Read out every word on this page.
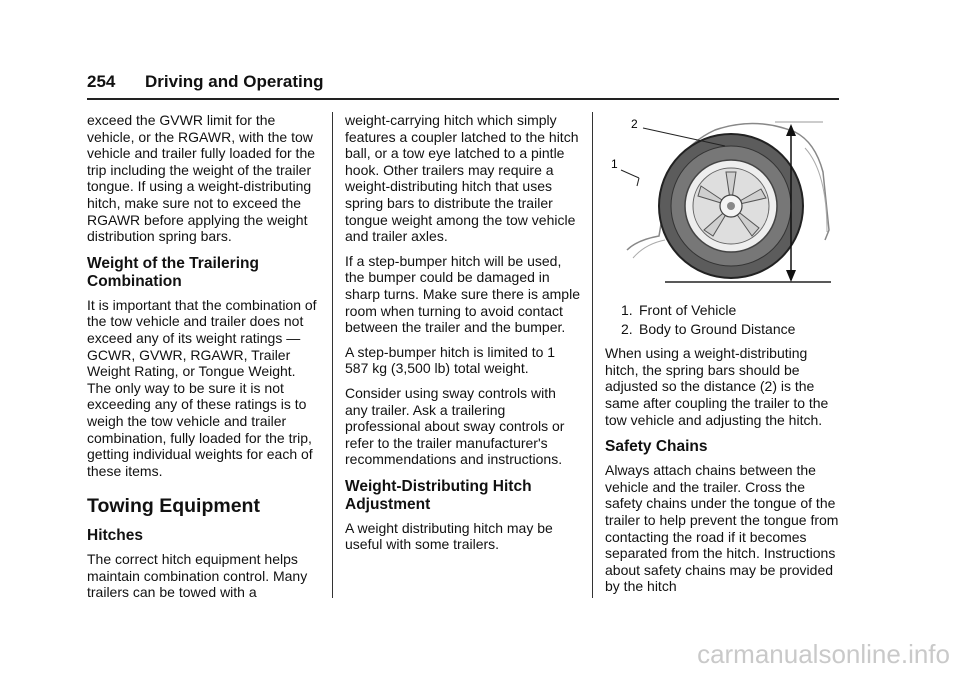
254 Driving and Operating

exceed the GVWR limit for the vehicle, or the RGAWR, with the tow vehicle and trailer fully loaded for the trip including the weight of the trailer tongue. If using a weight-distributing hitch, make sure not to exceed the RGAWR before applying the weight distribution spring bars.

Weight of the Trailering Combination

It is important that the combination of the tow vehicle and trailer does not exceed any of its weight ratings — GCWR, GVWR, RGAWR, Trailer Weight Rating, or Tongue Weight. The only way to be sure it is not exceeding any of these ratings is to weigh the tow vehicle and trailer combination, fully loaded for the trip, getting individual weights for each of these items.

Towing Equipment
Hitches

The correct hitch equipment helps maintain combination control. Many trailers can be towed with a

weight-carrying hitch which simply features a coupler latched to the hitch ball, or a tow eye latched to a pintle hook. Other trailers may require a weight-distributing hitch that uses spring bars to distribute the trailer tongue weight among the tow vehicle and trailer axles.

If a step-bumper hitch will be used, the bumper could be damaged in sharp turns. Make sure there is ample room when turning to avoid contact between the trailer and the bumper.

A step-bumper hitch is limited to 1 587 kg (3,500 lb) total weight.

Consider using sway controls with any trailer. Ask a trailering professional about sway controls or refer to the trailer manufacturer's recommendations and instructions.

Weight-Distributing Hitch Adjustment

A weight distributing hitch may be useful with some trailers.

2
1
1. Front of Vehicle
2. Body to Ground Distance

When using a weight-distributing hitch, the spring bars should be adjusted so the distance (2) is the same after coupling the trailer to the tow vehicle and adjusting the hitch.

Safety Chains

Always attach chains between the vehicle and the trailer. Cross the safety chains under the tongue of the trailer to help prevent the tongue from contacting the road if it becomes separated from the hitch. Instructions about safety chains may be provided by the hitch

carmanualsonline.info
